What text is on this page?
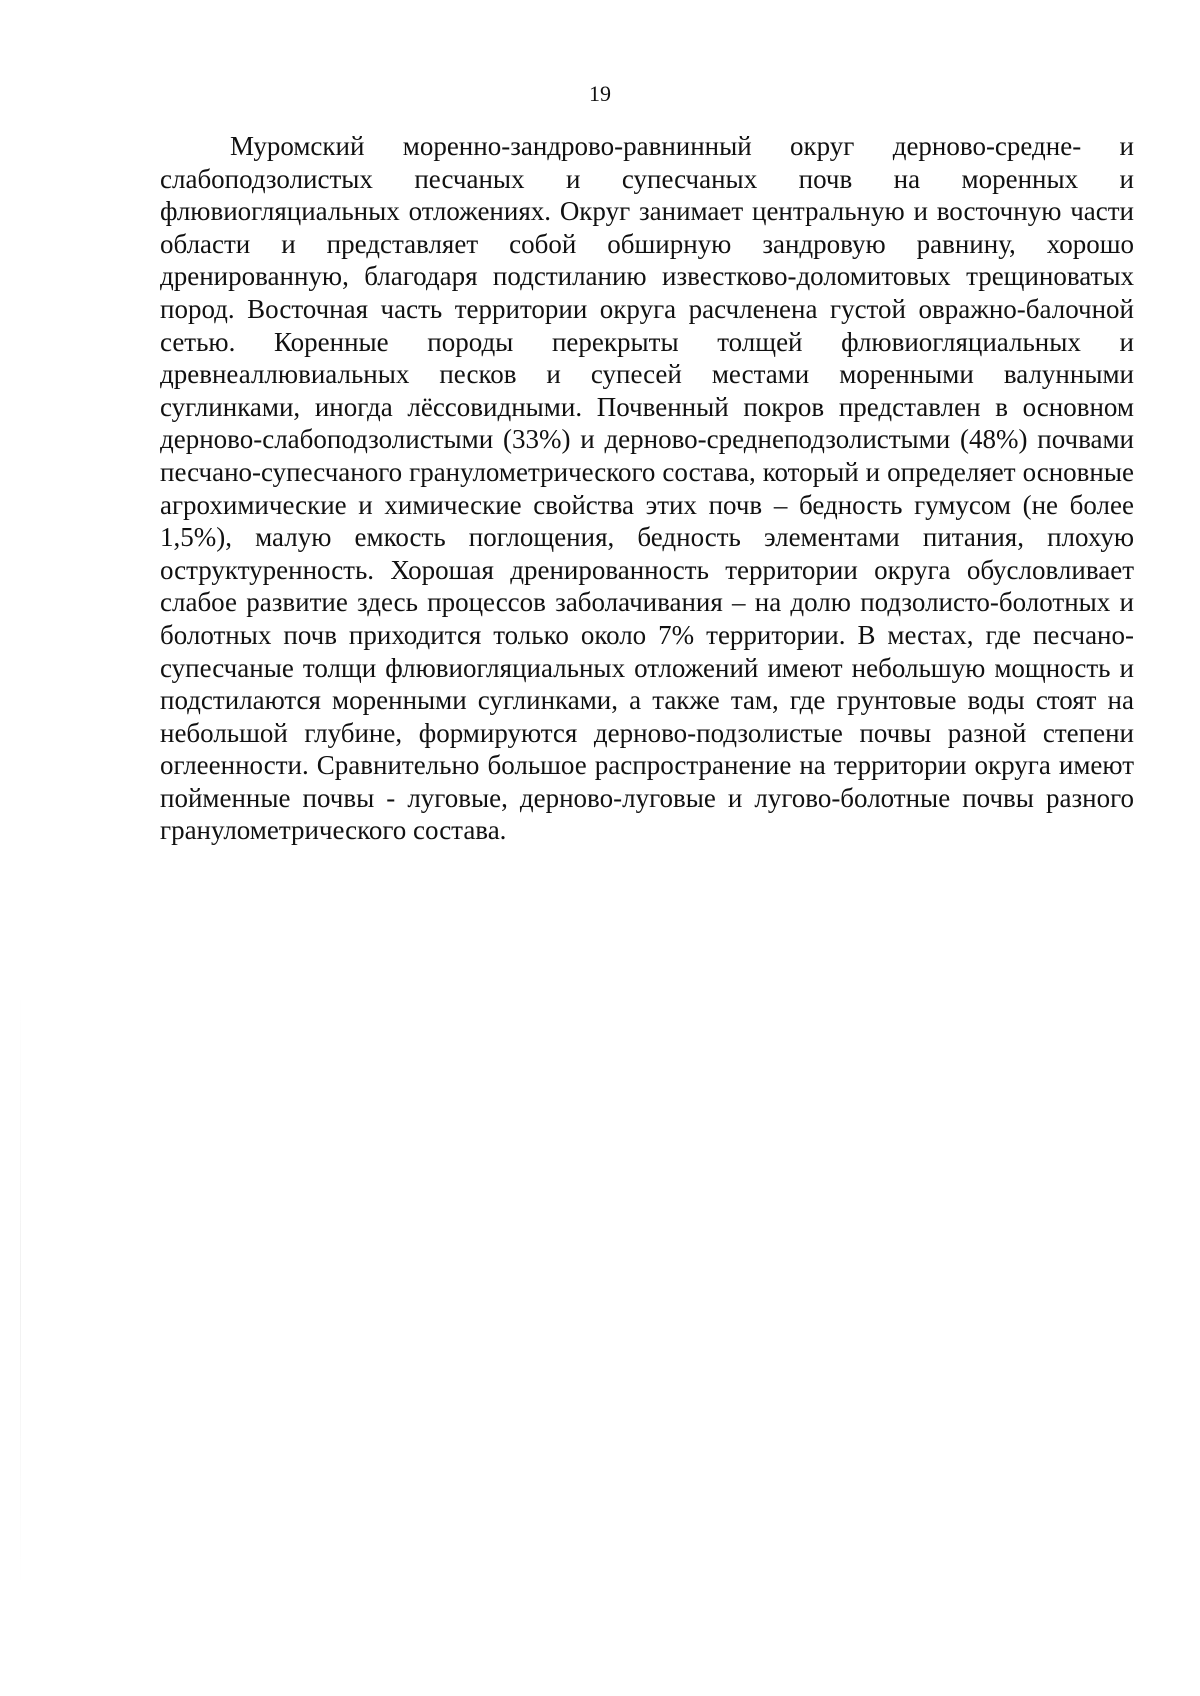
19

Муромский моренно-зандрово-равнинный округ дерново-средне- и слабоподзолистых песчаных и супесчаных почв на моренных и флювиогляциальных отложениях. Округ занимает центральную и восточную части области и представляет собой обширную зандровую равнину, хорошо дренированную, благодаря подстиланию известково-доломитовых трещиноватых пород. Восточная часть территории округа расчленена густой овражно-балочной сетью. Коренные породы перекрыты толщей флювиогляциальных и древнеаллювиальных песков и супесей местами моренными валунными суглинками, иногда лёссовидными. Почвенный покров представлен в основном дерново-слабоподзолистыми (33%) и дерново-среднеподзолистыми (48%) почвами песчано-супесчаного гранулометрического состава, который и определяет основные агрохимические и химические свойства этих почв – бедность гумусом (не более 1,5%), малую емкость поглощения, бедность элементами питания, плохую оструктуренность. Хорошая дренированность территории округа обусловливает слабое развитие здесь процессов заболачивания – на долю подзолисто-болотных и болотных почв приходится только около 7% территории. В местах, где песчано-супесчаные толщи флювиогляциальных отложений имеют небольшую мощность и подстилаются моренными суглинками, а также там, где грунтовые воды стоят на небольшой глубине, формируются дерново-подзолистые почвы разной степени оглеенности. Сравнительно большое распространение на территории округа имеют пойменные почвы - луговые, дерново-луговые и лугово-болотные почвы разного гранулометрического состава.
